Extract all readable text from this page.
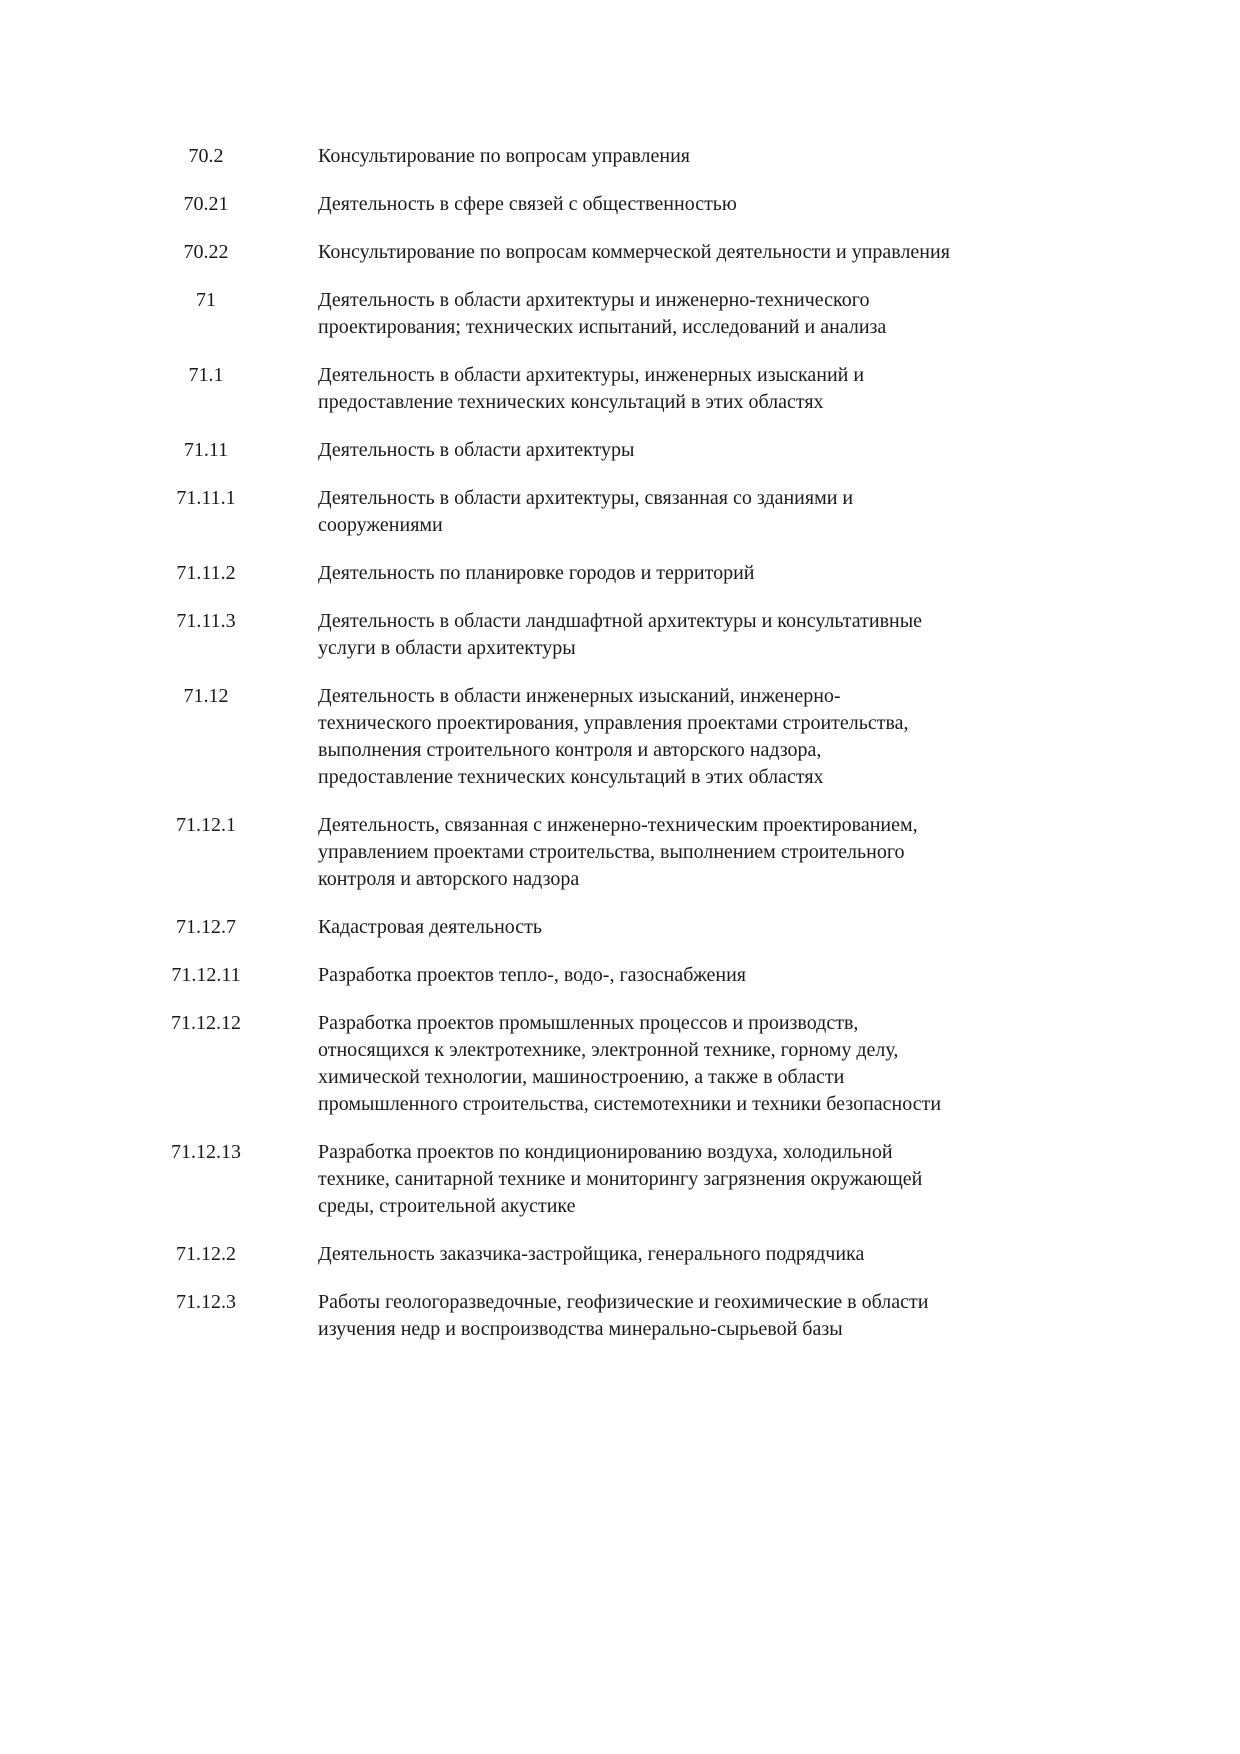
70.2	Консультирование по вопросам управления
70.21	Деятельность в сфере связей с общественностью
70.22	Консультирование по вопросам коммерческой деятельности и управления
71	Деятельность в области архитектуры и инженерно-технического проектирования; технических испытаний, исследований и анализа
71.1	Деятельность в области архитектуры, инженерных изысканий и предоставление технических консультаций в этих областях
71.11	Деятельность в области архитектуры
71.11.1	Деятельность в области архитектуры, связанная со зданиями и сооружениями
71.11.2	Деятельность по планировке городов и территорий
71.11.3	Деятельность в области ландшафтной архитектуры и консультативные услуги в области архитектуры
71.12	Деятельность в области инженерных изысканий, инженерно-технического проектирования, управления проектами строительства, выполнения строительного контроля и авторского надзора, предоставление технических консультаций в этих областях
71.12.1	Деятельность, связанная с инженерно-техническим проектированием, управлением проектами строительства, выполнением строительного контроля и авторского надзора
71.12.7	Кадастровая деятельность
71.12.11	Разработка проектов тепло-, водо-, газоснабжения
71.12.12	Разработка проектов промышленных процессов и производств, относящихся к электротехнике, электронной технике, горному делу, химической технологии, машиностроению, а также в области промышленного строительства, системотехники и техники безопасности
71.12.13	Разработка проектов по кондиционированию воздуха, холодильной технике, санитарной технике и мониторингу загрязнения окружающей среды, строительной акустике
71.12.2	Деятельность заказчика-застройщика, генерального подрядчика
71.12.3	Работы геологоразведочные, геофизические и геохимические в области изучения недр и воспроизводства минерально-сырьевой базы
